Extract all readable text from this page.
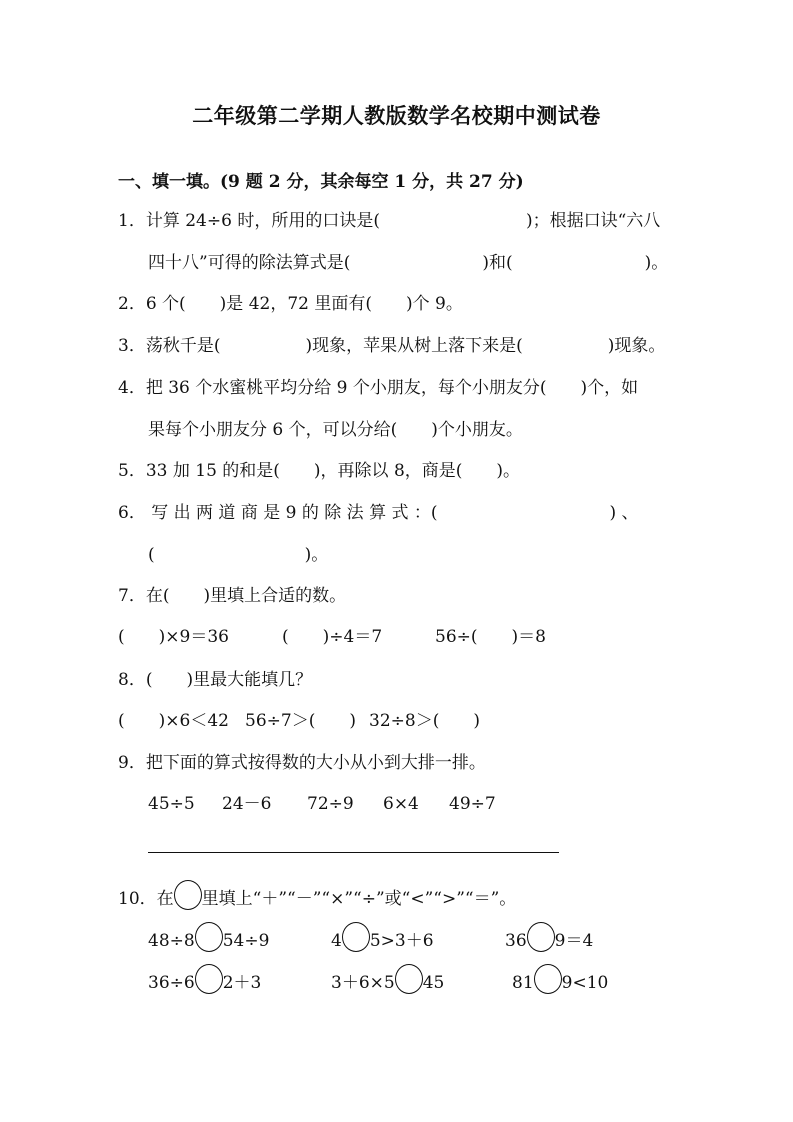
二年级第二学期人教版数学名校期中测试卷
一、填一填。(9 题 2 分，其余每空 1 分，共 27 分)
1．计算 24÷6 时，所用的口诀是(	)；根据口诀“六八
四十八”可得的除法算式是(	)和(	)。
2．6 个(　　)是 42，72 里面有(　　)个 9。
3．荡秋千是(　　　　　)现象，苹果从树上落下来是(　　　　　)现象。
4．把 36 个水蜜桃平均分给 9 个小朋友，每个小朋友分(　　)个，如
果每个小朋友分 6 个，可以分给(　　)个小朋友。
5．33 加 15 的和是(　　)，再除以 8，商是(　　)。
6． 写 出 两 道 商 是 9 的 除 法 算 式 ：(	) 、
(	)。
7．在(　　)里填上合适的数。
(　　)×9＝36	(　　)÷4＝7	56÷(　　)＝8
8．(　　)里最大能填几？
(　　)×6＜42 56÷7＞(　　) 32÷8＞(　　)
9．把下面的算式按得数的大小从小到大排一排。
45÷5 24－6 72÷9 6×4 49÷7
10．在 里填上“＋”“－”“×”“÷”或“<”“>”“＝”。
48÷8 54÷9	4 5>3＋6	36 9＝4
36÷6 2＋3	3＋6×5 45	81 9<10
